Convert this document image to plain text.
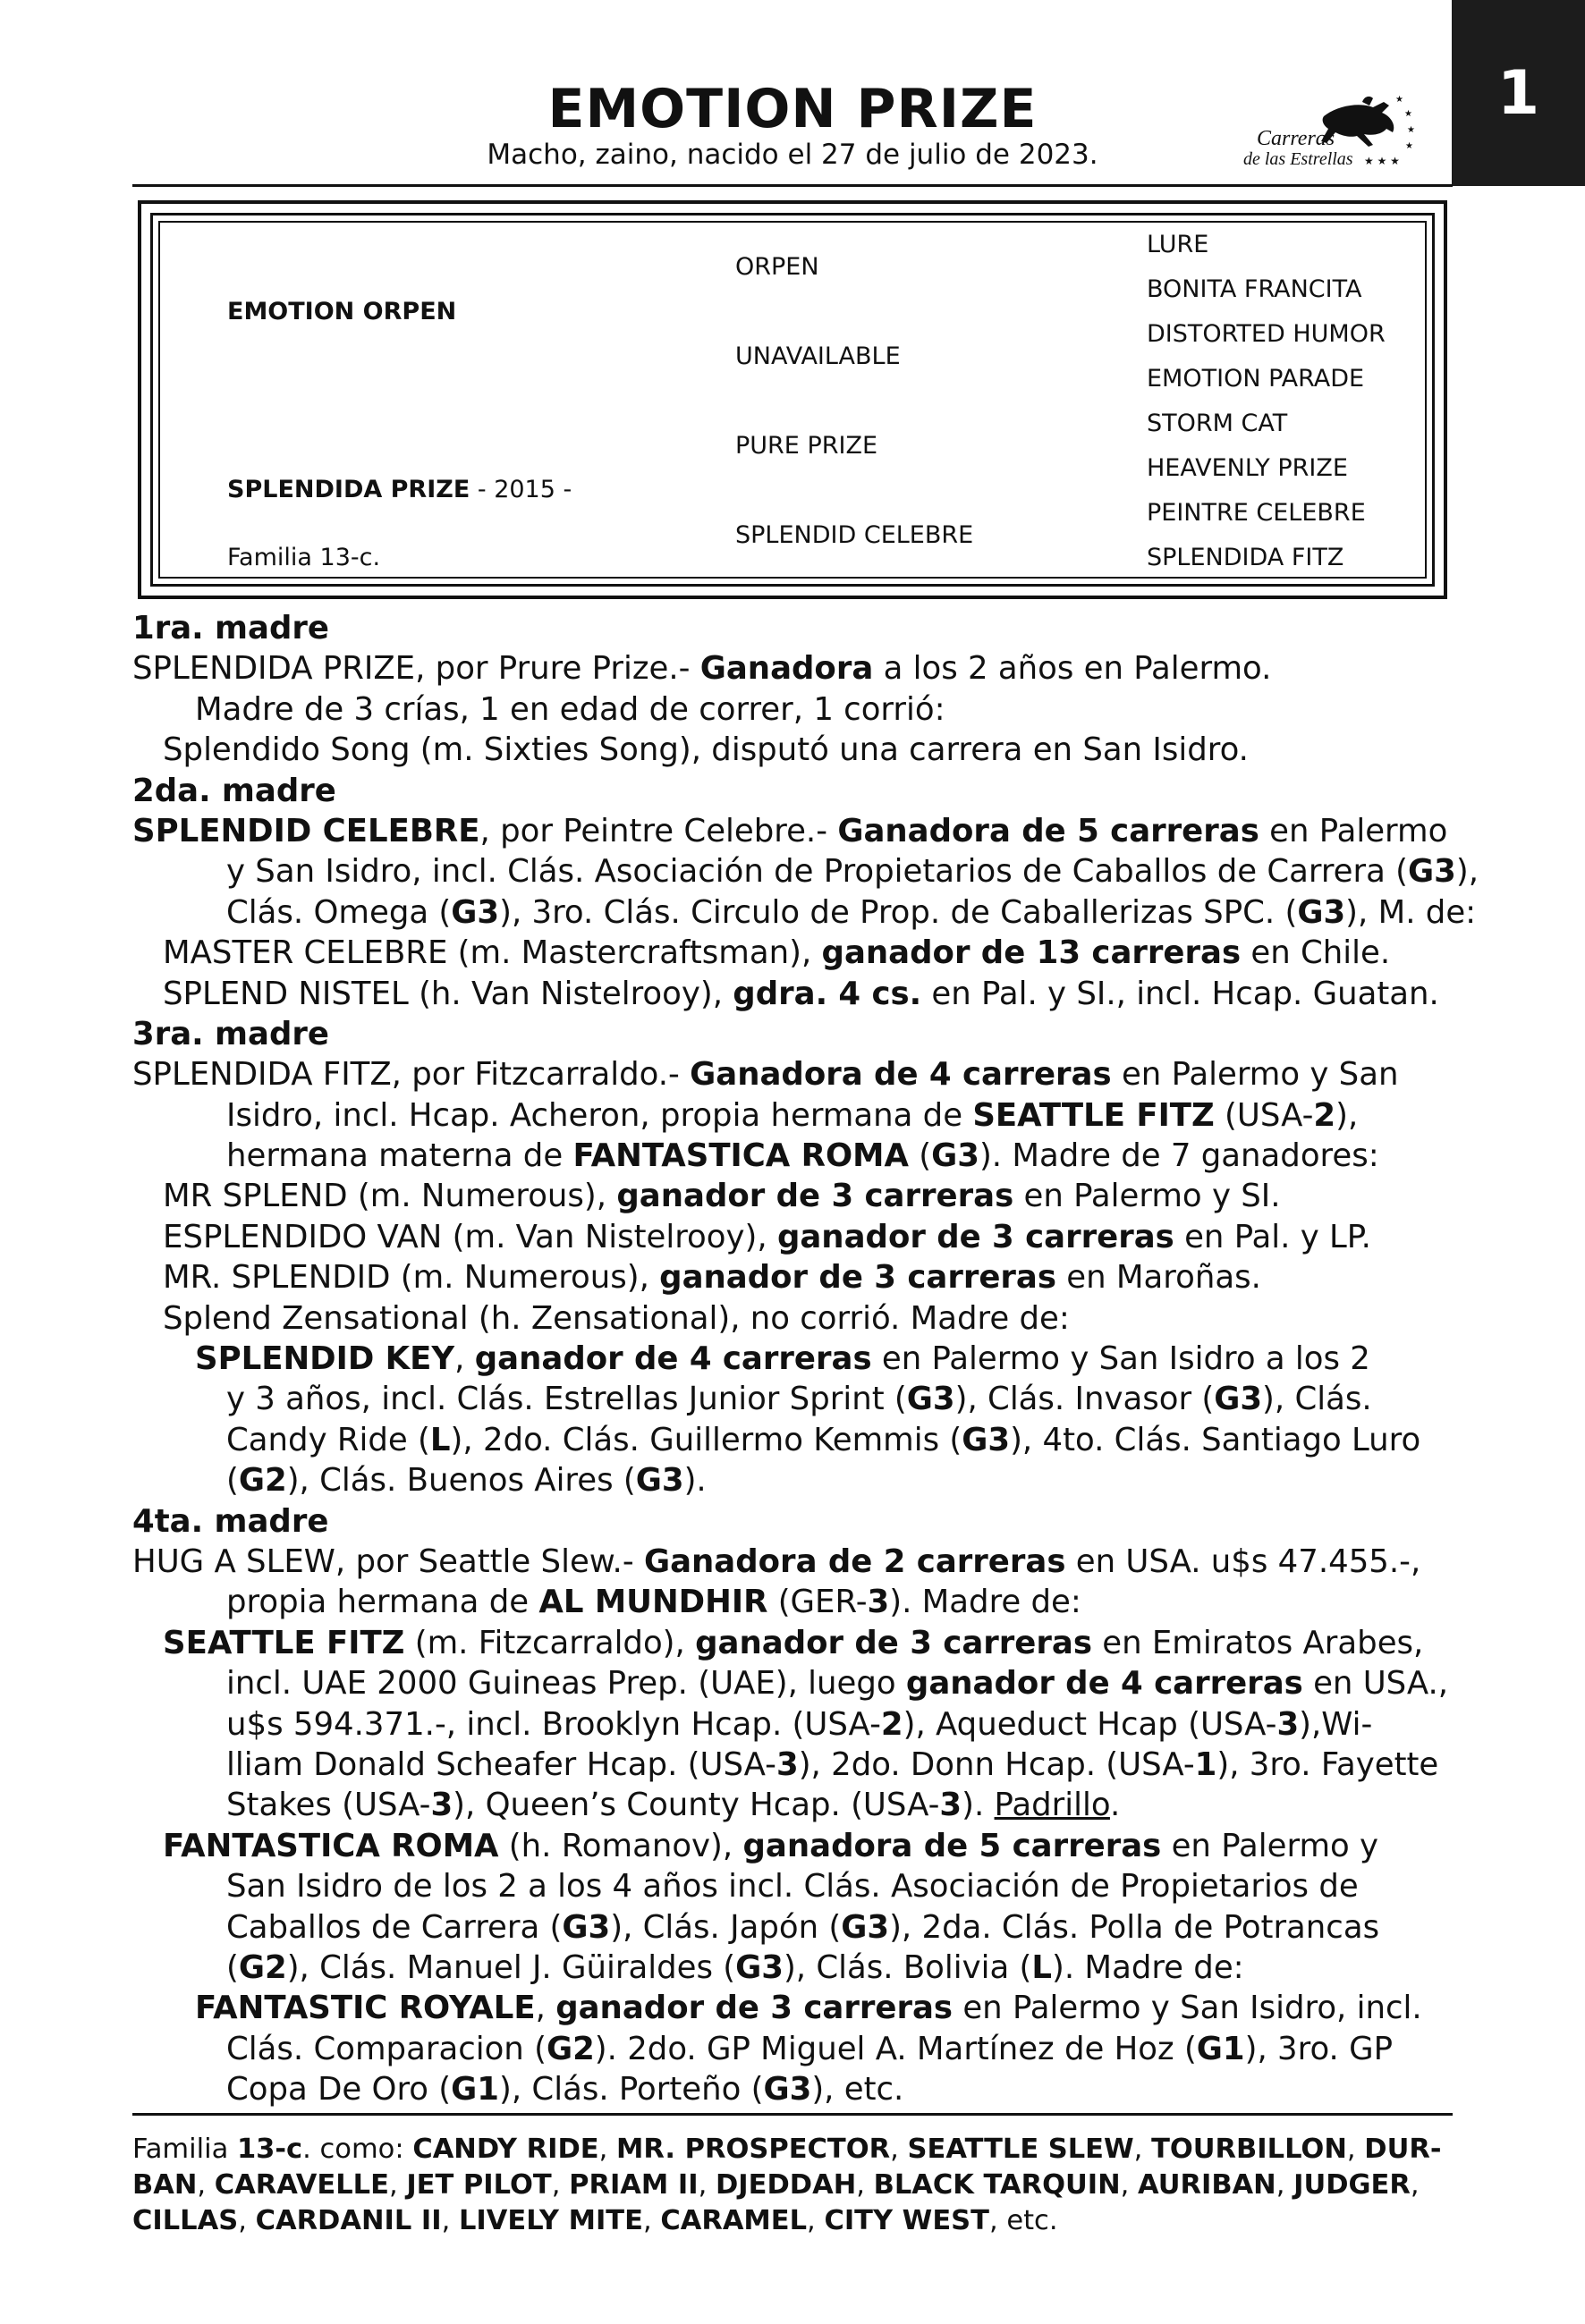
1
EMOTION PRIZE
Macho, zaino, nacido el 27 de julio de 2023.	Carreras
de las Estrellas ★ ★ ★
★
★
★
★
EMOTION ORPEN
SPLENDIDA PRIZE - 2015 -
Familia 13-c.
ORPEN
UNAVAILABLE
PURE PRIZE
SPLENDID CELEBRE
LURE
BONITA FRANCITA
DISTORTED HUMOR
EMOTION PARADE
STORM CAT
HEAVENLY PRIZE
PEINTRE CELEBRE
SPLENDIDA FITZ
1ra. madre
SPLENDIDA PRIZE, por Prure Prize.- Ganadora a los 2 años en Palermo.
Madre de 3 crías, 1 en edad de correr, 1 corrió:
Splendido Song (m. Sixties Song), disputó una carrera en San Isidro.
2da. madre
SPLENDID CELEBRE, por Peintre Celebre.- Ganadora de 5 carreras en Palermo
y San Isidro, incl. Clás. Asociación de Propietarios de Caballos de Carrera (G3),
Clás. Omega (G3), 3ro. Clás. Circulo de Prop. de Caballerizas SPC. (G3), M. de:
MASTER CELEBRE (m. Mastercraftsman), ganador de 13 carreras en Chile.
SPLEND NISTEL (h. Van Nistelrooy), gdra. 4 cs. en Pal. y SI., incl. Hcap. Guatan.
3ra. madre
SPLENDIDA FITZ, por Fitzcarraldo.- Ganadora de 4 carreras en Palermo y San
Isidro, incl. Hcap. Acheron, propia hermana de SEATTLE FITZ (USA-2),
hermana materna de FANTASTICA ROMA (G3). Madre de 7 ganadores:
MR SPLEND (m. Numerous), ganador de 3 carreras en Palermo y SI.
ESPLENDIDO VAN (m. Van Nistelrooy), ganador de 3 carreras en Pal. y LP.
MR. SPLENDID (m. Numerous), ganador de 3 carreras en Maroñas.
Splend Zensational (h. Zensational), no corrió. Madre de:
SPLENDID KEY, ganador de 4 carreras en Palermo y San Isidro a los 2
y 3 años, incl. Clás. Estrellas Junior Sprint (G3), Clás. Invasor (G3), Clás.
Candy Ride (L), 2do. Clás. Guillermo Kemmis (G3), 4to. Clás. Santiago Luro
(G2), Clás. Buenos Aires (G3).
4ta. madre
HUG A SLEW, por Seattle Slew.- Ganadora de 2 carreras en USA. u$s 47.455.-,
propia hermana de AL MUNDHIR (GER-3). Madre de:
SEATTLE FITZ (m. Fitzcarraldo), ganador de 3 carreras en Emiratos Arabes,
incl. UAE 2000 Guineas Prep. (UAE), luego ganador de 4 carreras en USA.,
u$s 594.371.-, incl. Brooklyn Hcap. (USA-2), Aqueduct Hcap (USA-3),Wi-
lliam Donald Scheafer Hcap. (USA-3), 2do. Donn Hcap. (USA-1), 3ro. Fayette
Stakes (USA-3), Queen’s County Hcap. (USA-3). Padrillo.
FANTASTICA ROMA (h. Romanov), ganadora de 5 carreras en Palermo y
San Isidro de los 2 a los 4 años incl. Clás. Asociación de Propietarios de
Caballos de Carrera (G3), Clás. Japón (G3), 2da. Clás. Polla de Potrancas
(G2), Clás. Manuel J. Güiraldes (G3), Clás. Bolivia (L). Madre de:
FANTASTIC ROYALE, ganador de 3 carreras en Palermo y San Isidro, incl.
Clás. Comparacion (G2). 2do. GP Miguel A. Martínez de Hoz (G1), 3ro. GP
Copa De Oro (G1), Clás. Porteño (G3), etc.
Familia 13-c. como: CANDY RIDE, MR. PROSPECTOR, SEATTLE SLEW, TOURBILLON, DUR-
BAN, CARAVELLE, JET PILOT, PRIAM II, DJEDDAH, BLACK TARQUIN, AURIBAN, JUDGER,
CILLAS, CARDANIL II, LIVELY MITE, CARAMEL, CITY WEST, etc.
